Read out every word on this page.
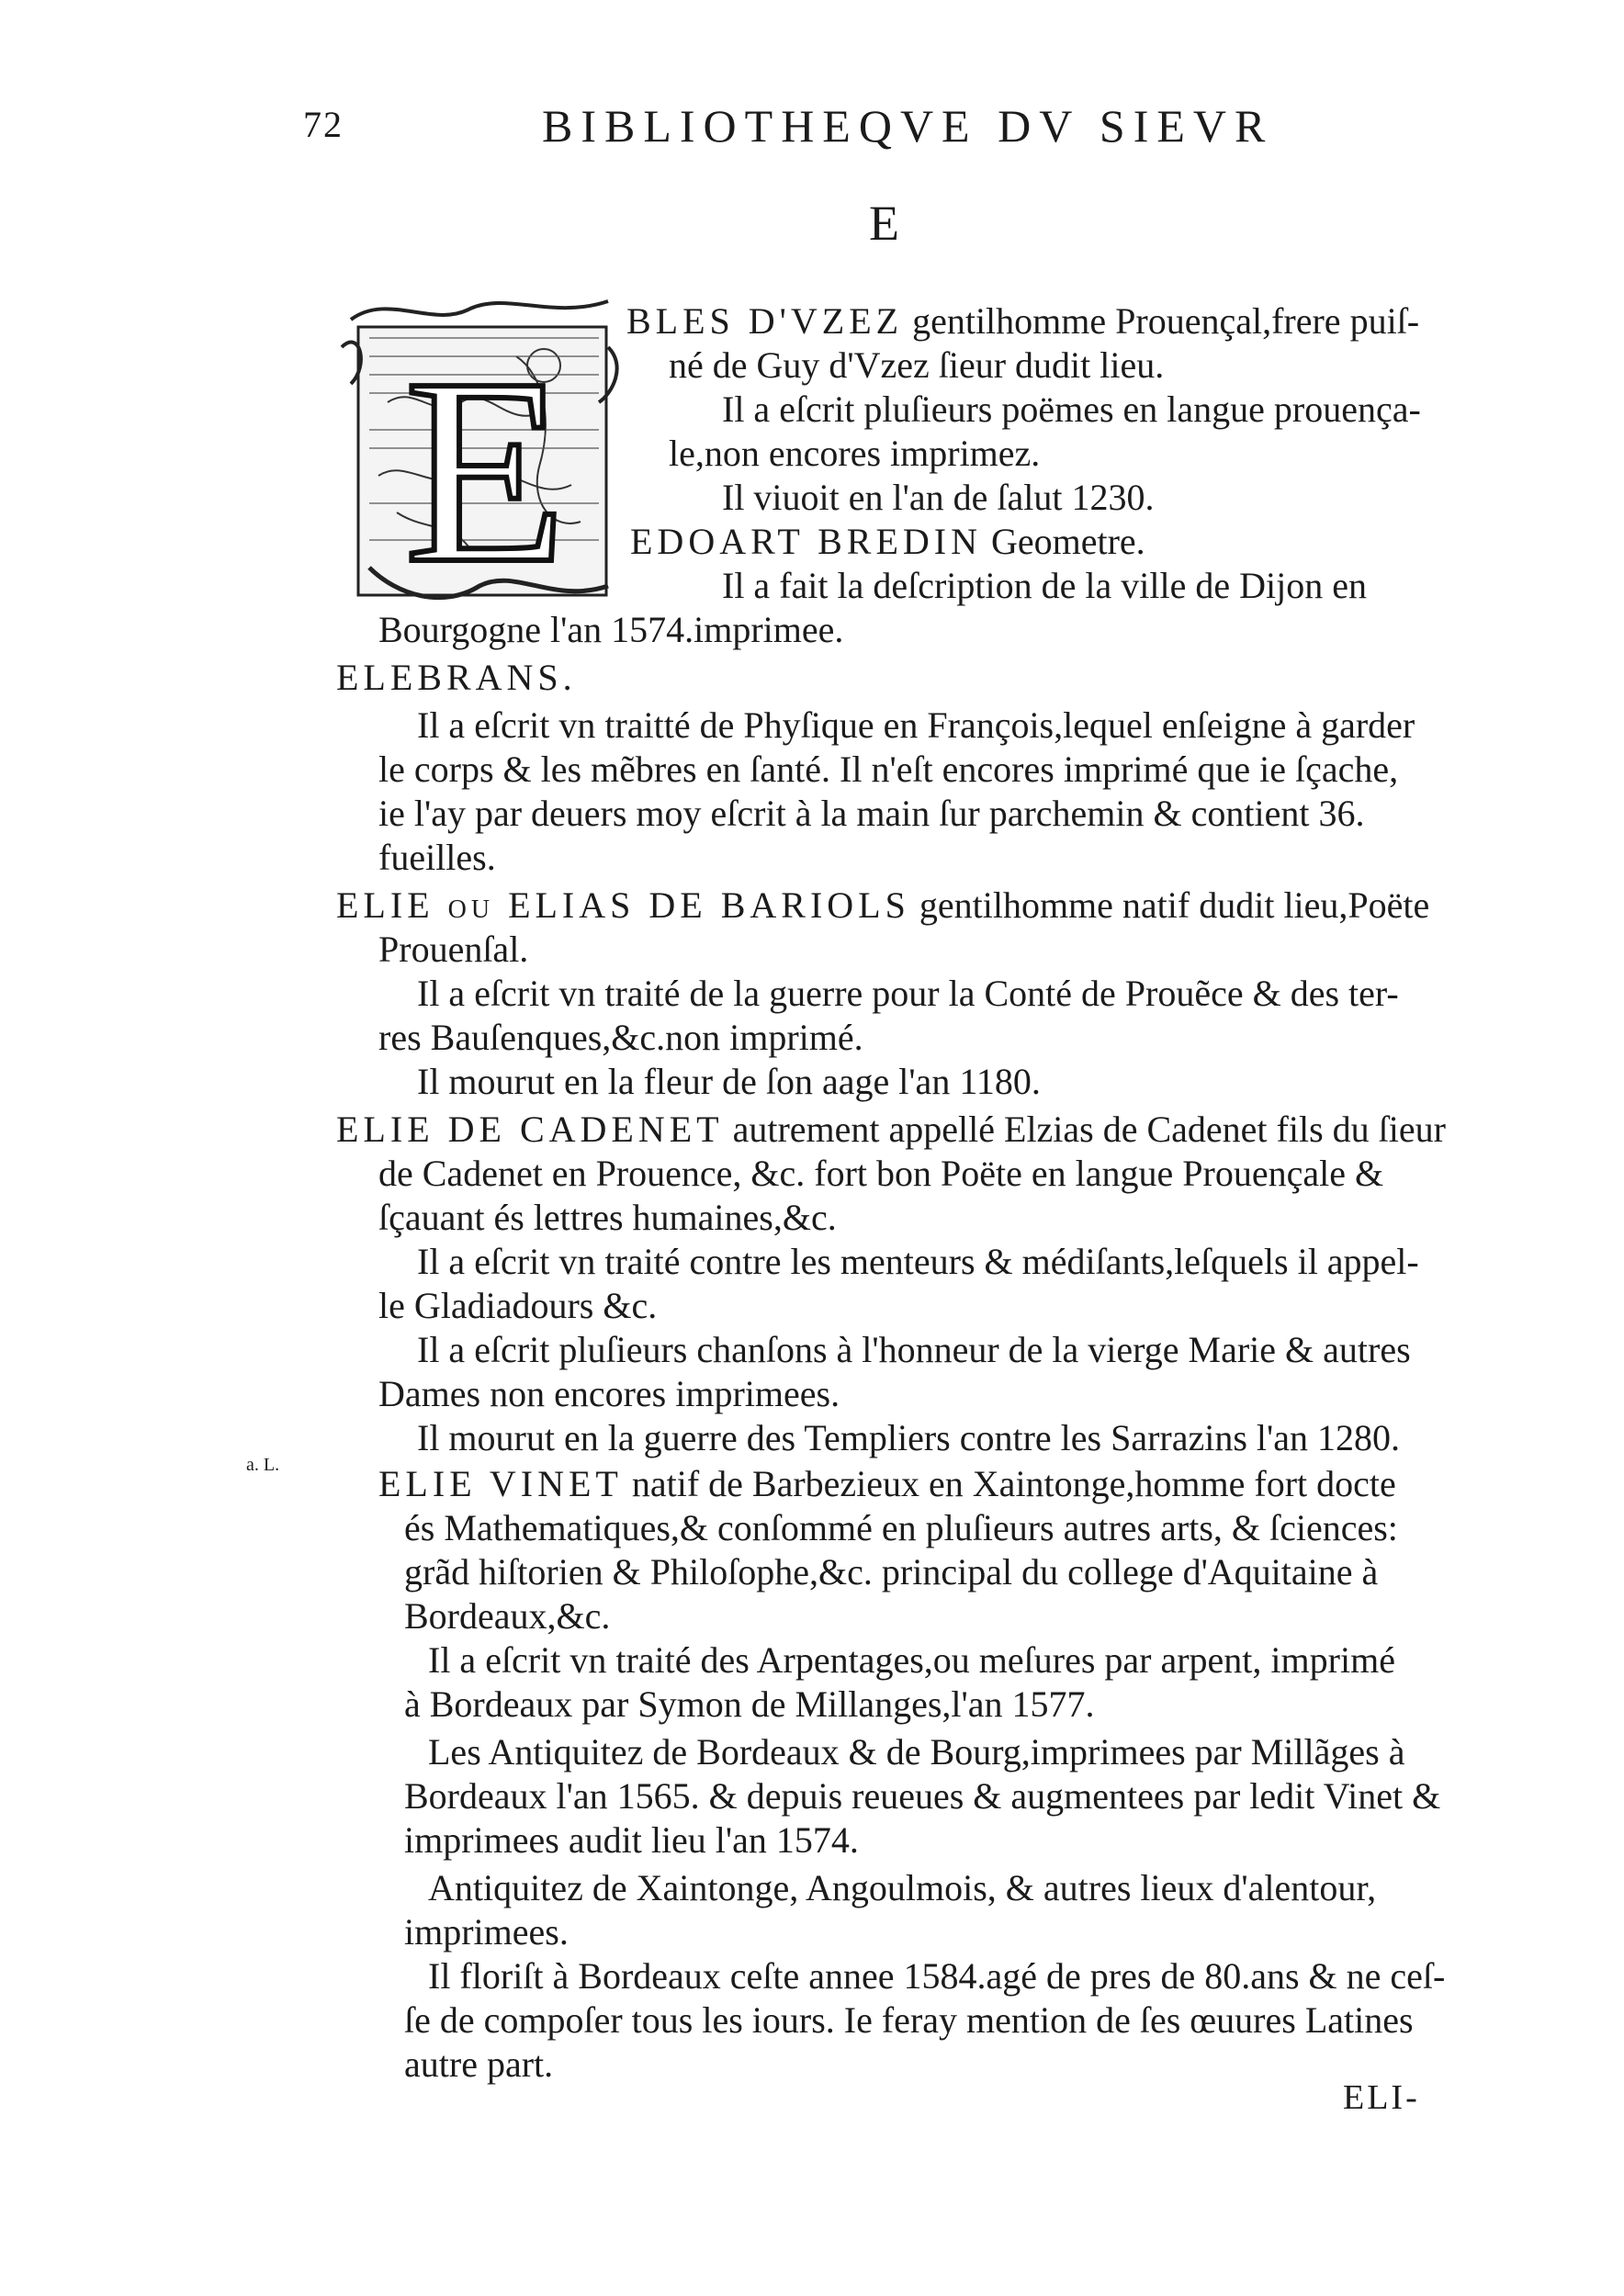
72	BIBLIOTHEQVE DV SIEVR
E
E
BLES D'VZEZ gentilhomme Prouençal,frere puiſ-
né de Guy d'Vzez ſieur dudit lieu.
Il a eſcrit pluſieurs poëmes en langue prouença-
le,non encores imprimez.
Il viuoit en l'an de ſalut 1230.
EDOART BREDIN Geometre.
Il a fait la deſcription de la ville de Dijon en
Bourgogne l'an 1574.imprimee.
ELEBRANS.
Il a eſcrit vn traitté de Phyſique en François,lequel enſeigne à garder
le corps & les mẽbres en ſanté. Il n'eſt encores imprimé que ie ſçache,
ie l'ay par deuers moy eſcrit à la main ſur parchemin & contient 36.
fueilles.
ELIE ou ELIAS DE BARIOLS gentilhomme natif dudit lieu,Poëte
Prouenſal.
Il a eſcrit vn traité de la guerre pour la Conté de Prouẽce & des ter-
res Bauſenques,&c.non imprimé.
Il mourut en la fleur de ſon aage l'an 1180.
ELIE DE CADENET autrement appellé Elzias de Cadenet fils du ſieur
de Cadenet en Prouence, &c. fort bon Poëte en langue Prouençale &
ſçauant és lettres humaines,&c.
Il a eſcrit vn traité contre les menteurs & médiſants,leſquels il appel-
le Gladiadours &c.
Il a eſcrit pluſieurs chanſons à l'honneur de la vierge Marie & autres
Dames non encores imprimees.
Il mourut en la guerre des Templiers contre les Sarrazins l'an 1280.
a. L.	ELIE VINET natif de Barbezieux en Xaintonge,homme fort docte
és Mathematiques,& conſommé en pluſieurs autres arts, & ſciences:
grãd hiſtorien & Philoſophe,&c. principal du college d'Aquitaine à
Bordeaux,&c.
Il a eſcrit vn traité des Arpentages,ou meſures par arpent, imprimé
à Bordeaux par Symon de Millanges,l'an 1577.
Les Antiquitez de Bordeaux & de Bourg,imprimees par Millãges à
Bordeaux l'an 1565. & depuis reueues & augmentees par ledit Vinet &
imprimees audit lieu l'an 1574.
Antiquitez de Xaintonge, Angoulmois, & autres lieux d'alentour,
imprimees.
Il floriſt à Bordeaux ceſte annee 1584.agé de pres de 80.ans & ne ceſ-
ſe de compoſer tous les iours. Ie feray mention de ſes œuures Latines
autre part.
ELI-
